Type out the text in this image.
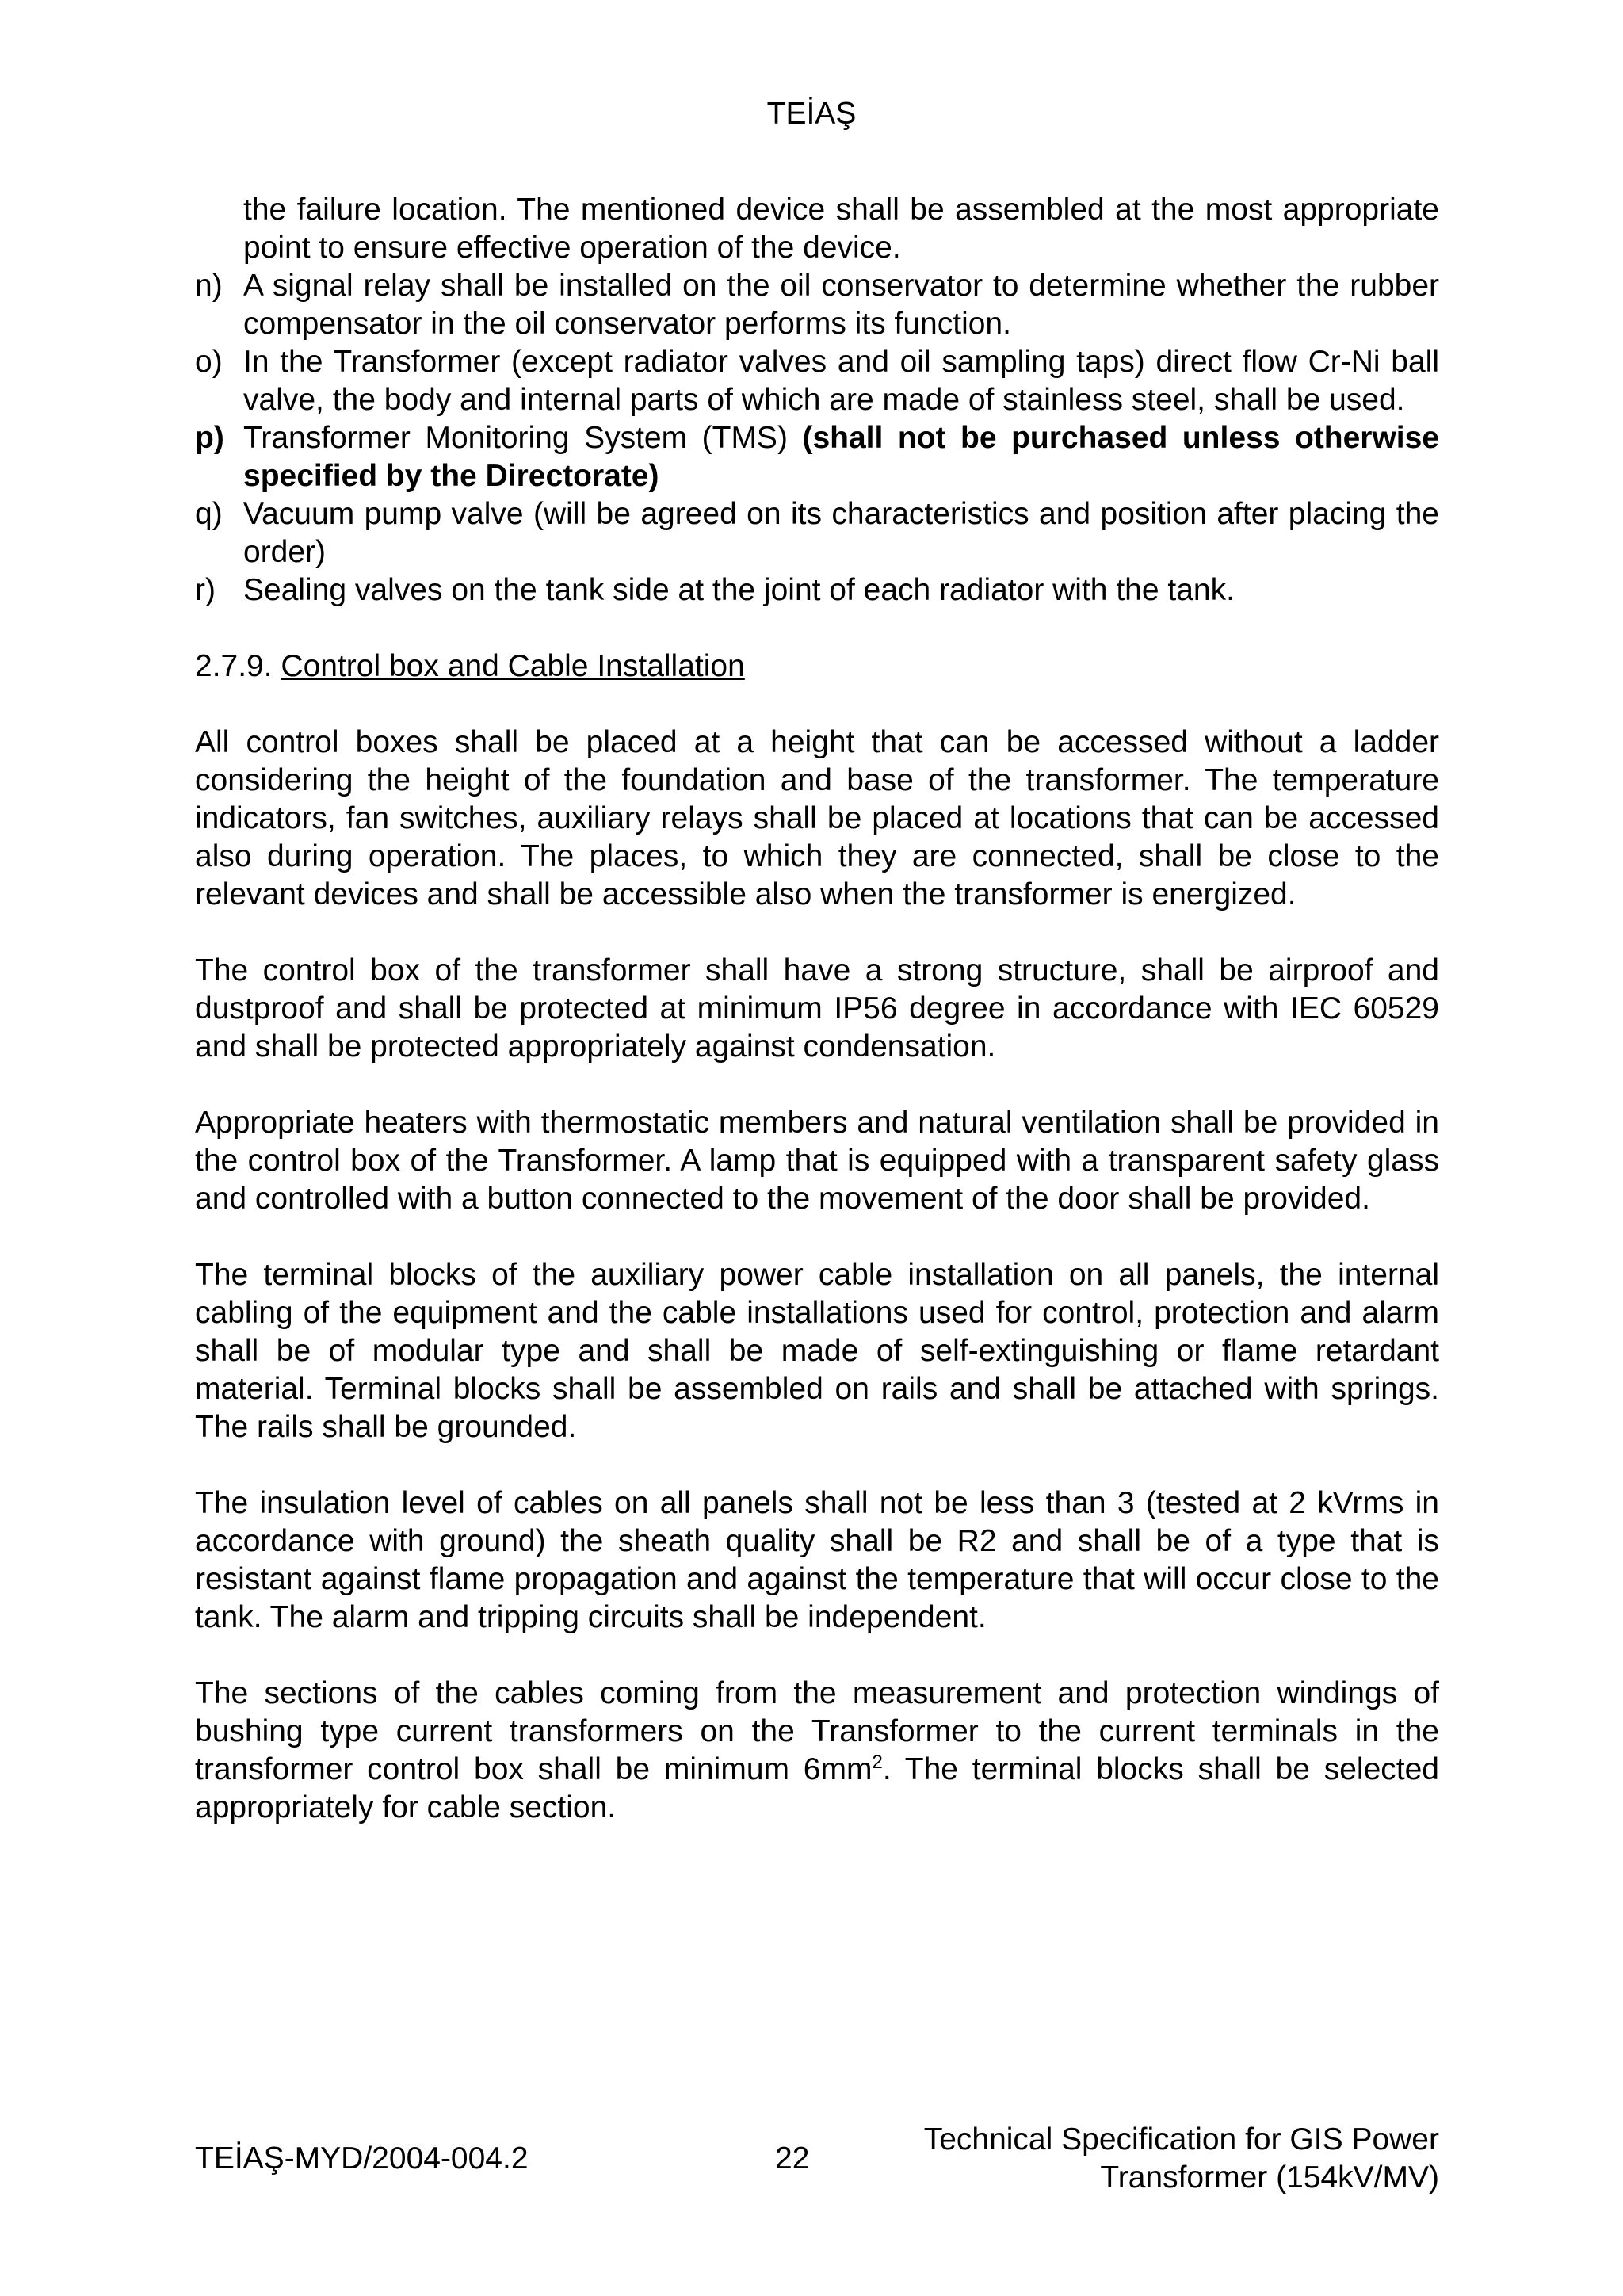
TEİAŞ
the failure location. The mentioned device shall be assembled at the most appropriate point to ensure effective operation of the device.
n) A signal relay shall be installed on the oil conservator to determine whether the rubber compensator in the oil conservator performs its function.
o) In the Transformer (except radiator valves and oil sampling taps) direct flow Cr-Ni ball valve, the body and internal parts of which are made of stainless steel, shall be used.
p) Transformer Monitoring System (TMS) (shall not be purchased unless otherwise specified by the Directorate)
q) Vacuum pump valve (will be agreed on its characteristics and position after placing the order)
r) Sealing valves on the tank side at the joint of each radiator with the tank.
2.7.9. Control box and Cable Installation

All control boxes shall be placed at a height that can be accessed without a ladder considering the height of the foundation and base of the transformer. The temperature indicators, fan switches, auxiliary relays shall be placed at locations that can be accessed also during operation. The places, to which they are connected, shall be close to the relevant devices and shall be accessible also when the transformer is energized.

The control box of the transformer shall have a strong structure, shall be airproof and dustproof and shall be protected at minimum IP56 degree in accordance with IEC 60529 and shall be protected appropriately against condensation.

Appropriate heaters with thermostatic members and natural ventilation shall be provided in the control box of the Transformer. A lamp that is equipped with a transparent safety glass and controlled with a button connected to the movement of the door shall be provided.

The terminal blocks of the auxiliary power cable installation on all panels, the internal cabling of the equipment and the cable installations used for control, protection and alarm shall be of modular type and shall be made of self-extinguishing or flame retardant material. Terminal blocks shall be assembled on rails and shall be attached with springs. The rails shall be grounded.

The insulation level of cables on all panels shall not be less than 3 (tested at 2 kVrms in accordance with ground) the sheath quality shall be R2 and shall be of a type that is resistant against flame propagation and against the temperature that will occur close to the tank. The alarm and tripping circuits shall be independent.

The sections of the cables coming from the measurement and protection windings of bushing type current transformers on the Transformer to the current terminals in the transformer control box shall be minimum $6mm^2$. The terminal blocks shall be selected appropriately for cable section.

TEİAŞ-MYD/2004-004.2	22
Technical Specification for GIS Power
Transformer (154kV/MV)
